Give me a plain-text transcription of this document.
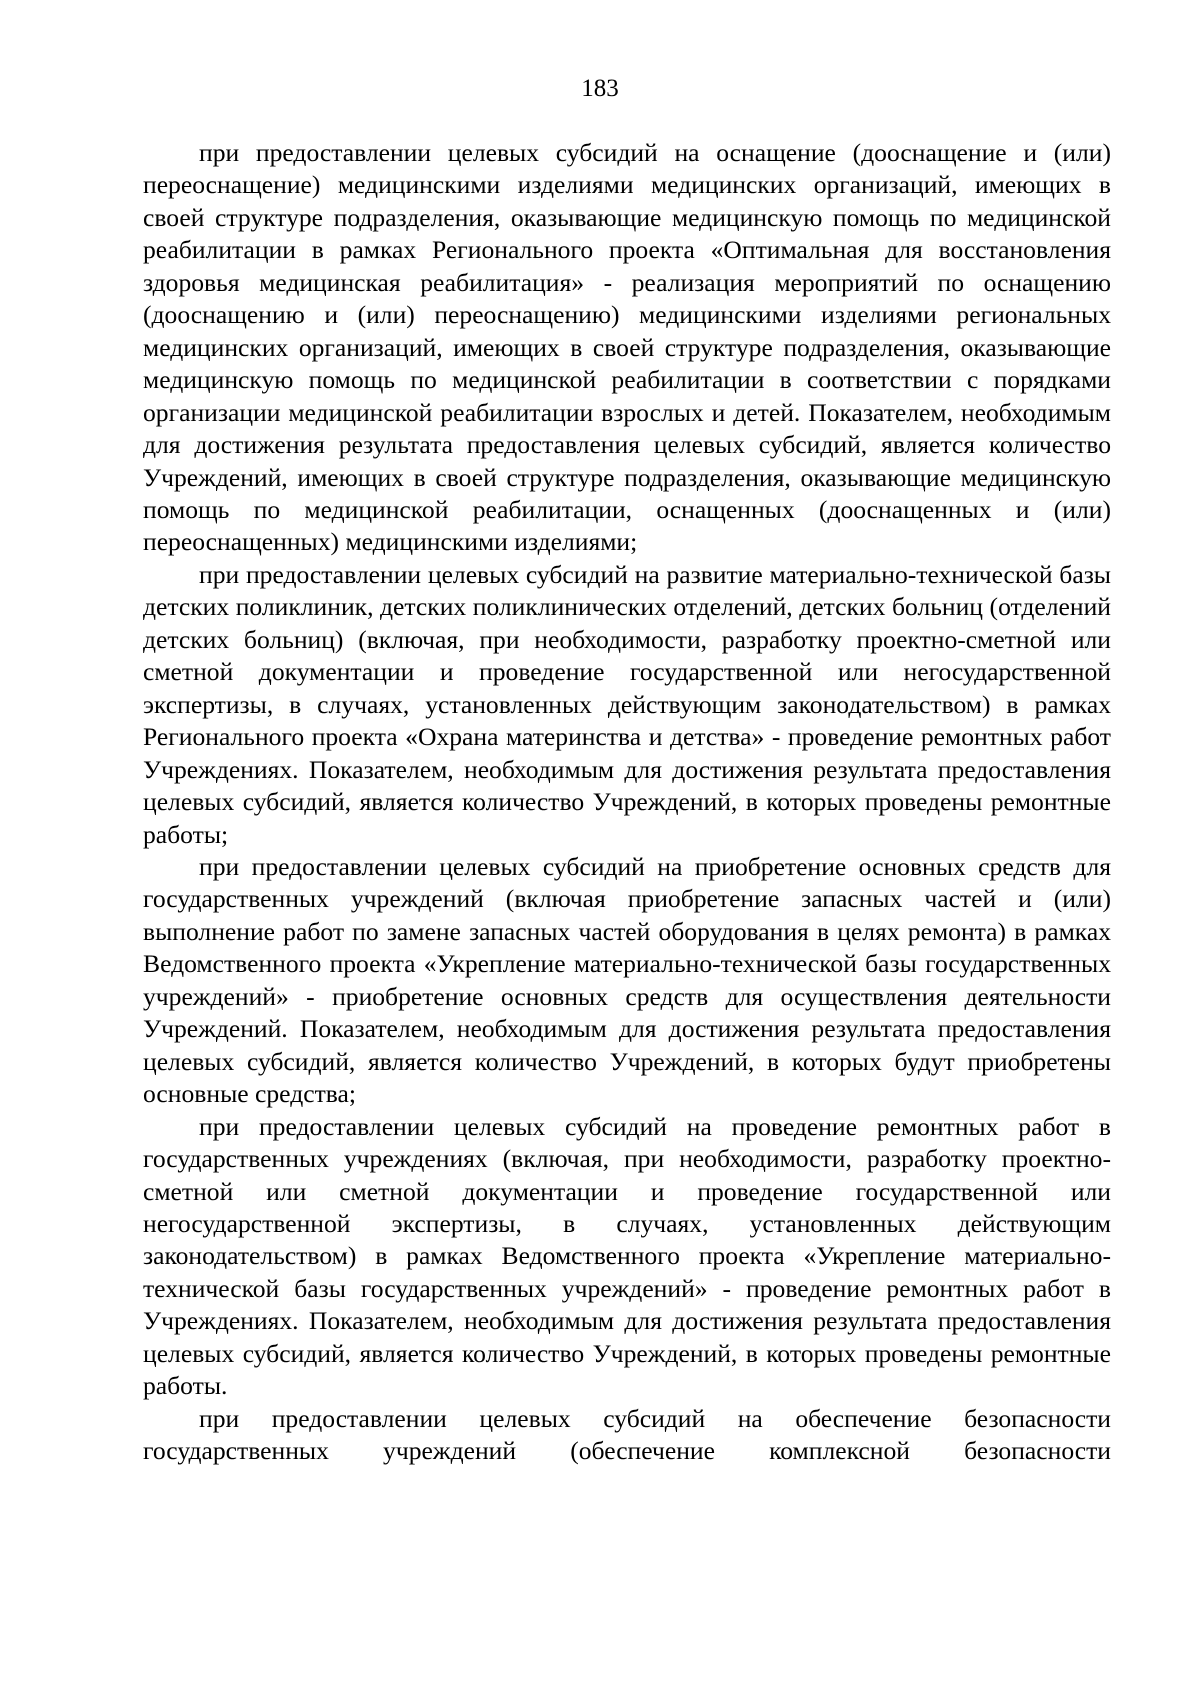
183

при предоставлении целевых субсидий на оснащение (дооснащение и (или) переоснащение) медицинскими изделиями медицинских организаций, имеющих в своей структуре подразделения, оказывающие медицинскую помощь по медицинской реабилитации в рамках Регионального проекта «Оптимальная для восстановления здоровья медицинская реабилитация» - реализация мероприятий по оснащению (дооснащению и (или) переоснащению) медицинскими изделиями региональных медицинских организаций, имеющих в своей структуре подразделения, оказывающие медицинскую помощь по медицинской реабилитации в соответствии с порядками организации медицинской реабилитации взрослых и детей. Показателем, необходимым для достижения результата предоставления целевых субсидий, является количество Учреждений, имеющих в своей структуре подразделения, оказывающие медицинскую помощь по медицинской реабилитации, оснащенных (дооснащенных и (или) переоснащенных) медицинскими изделиями;

при предоставлении целевых субсидий на развитие материально-технической базы детских поликлиник, детских поликлинических отделений, детских больниц (отделений детских больниц) (включая, при необходимости, разработку проектно-сметной или сметной документации и проведение государственной или негосударственной экспертизы, в случаях, установленных действующим законодательством) в рамках Регионального проекта «Охрана материнства и детства» - проведение ремонтных работ Учреждениях. Показателем, необходимым для достижения результата предоставления целевых субсидий, является количество Учреждений, в которых проведены ремонтные работы;

при предоставлении целевых субсидий на приобретение основных средств для государственных учреждений (включая приобретение запасных частей и (или) выполнение работ по замене запасных частей оборудования в целях ремонта) в рамках Ведомственного проекта «Укрепление материально-технической базы государственных учреждений» - приобретение основных средств для осуществления деятельности Учреждений. Показателем, необходимым для достижения результата предоставления целевых субсидий, является количество Учреждений, в которых будут приобретены основные средства;

при предоставлении целевых субсидий на проведение ремонтных работ в государственных учреждениях (включая, при необходимости, разработку проектно-сметной или сметной документации и проведение государственной или негосударственной экспертизы, в случаях, установленных действующим законодательством) в рамках Ведомственного проекта «Укрепление материально-технической базы государственных учреждений» - проведение ремонтных работ в Учреждениях. Показателем, необходимым для достижения результата предоставления целевых субсидий, является количество Учреждений, в которых проведены ремонтные работы.

при предоставлении целевых субсидий на обеспечение безопасности государственных учреждений (обеспечение комплексной безопасности
